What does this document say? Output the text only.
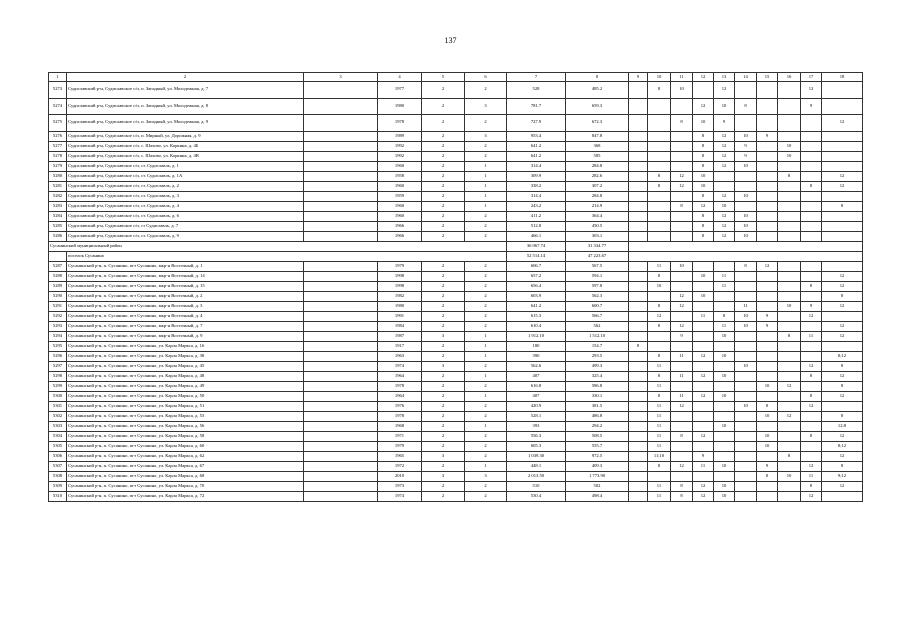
137
1	2	3	4	5	6	7	8	9	10	11	12	13	14	15	16	17	18
5273	Судиславский р-н, Судиславское с/п, п. Западный, ул. Молодежная, д. 7		1977	2	2	528	485.2		8	10		12				12	
5274	Судиславский р-н, Судиславское с/п, п. Западный, ул. Молодежная, д. 8		1980	2	3	781.7	659.3				12	10	8			9	
5275	Судиславский р-н, Судиславское с/п, п. Западный, ул. Молодежная, д. 9		1978	2	2	727.9	672.3			8	10	9					12
5276	Судиславский р-н, Судиславское с/п, п. Мирный, ул. Дорожная, д. 9		1989	2	3	953.4	847.8				8	12	10	9			
5277	Судиславский р-н, Судиславское с/п, с. Шахово, ул. Коркина, д. 4Б		1992	2	2	641.2	368				8	12	9		10		
5278	Судиславский р-н, Судиславское с/п, с. Шахово, ул. Коркина, д. 4В		1992	2	2	641.2	585				8	12	9		10		
5279	Судиславский р-н, Судиславское с/п, ст. Судиславль, д. 1		1960	2	1	314.4	284.8				8	12	10				
5280	Судиславский р-н, Судиславское с/п, ст. Судиславль, д. 1А		1958	2	1	309.9	282.6		8	12	10				8		12
5281	Судиславский р-н, Судиславское с/п, ст. Судиславль, д. 2		1960	2	1	338.2	307.2		8	12	10					8	12
5282	Судиславский р-н, Судиславское с/п, ст. Судиславль, д. 3		1959	2	1	314.4	284.8				8	12	10				
5283	Судиславский р-н, Судиславское с/п, ст. Судиславль, д. 4		1960	2	1	243.2	214.9			8	12	10					8
5284	Судиславский р-н, Судиславское с/п, ст. Судиславль, д. 6		1960	2	2	411.2	364.4				8	12	10				
5285	Судиславский р-н, Судиславское с/п, ст Судиславль, д. 7		1966	2	2	512.8	450.5				8	12	10				
5286	Судиславский р-н, Судиславское с/п, ст. Судиславль, д. 9		1966	2	2	466.1	303.1				8	12	10				
Сусанинский муниципальный район						36 067.74	31 334.77										
	поселок Сусанино					52 514.14	47 223.67										
5287	Сусанинский р-н, п. Сусанино, пгт Сусанино, мкр-н Восточный, д. 1		1979	2	2	606.7	567.5		11	10			8	12			
5288	Сусанинский р-н, п. Сусанино, пгт Сусанино, мкр-н Восточный, д. 14		1998	2	2	657.2	594.1		8		10	11					12
5289	Сусанинский р-н, п. Сусанино, пгт Сусанино, мкр-н Восточный, д. 15		1998	2	2	656.4	597.8		10			11				8	12
5290	Сусанинский р-н, п. Сусанино, пгт Сусанино, мкр-н Восточный, д. 2		1982	2	2	603.9	562.3			12	10						8
5291	Сусанинский р-н, п. Сусанино, пгт Сусанино, мкр-н Восточный, д. 3		1980	2	2	641.2	600.7		8	12			11		10	9	12
5292	Сусанинский р-н, п. Сусанино, пгт Сусанино, мкр-н Восточный, д. 4		1991	2	2	615.3	566.7		12		11	8	10	9		12	
5293	Сусанинский р-н, п. Сусанино, пгт Сусанино, мкр-н Восточный, д. 7		1984	2	2	610.4	562		8	12		11	10	9			12
5294	Сусанинский р-н, п. Сусанино, пгт Сусанино, мкр-н Восточный, д. 9		1987	3	1	1 912.10	1 512.10			9		10			8	11	12
5295	Сусанинский р-н, п. Сусанино, пгт Сусанино, ул. Карла Маркса, д. 16		1917	2	1	180	154.7	8									
5296	Сусанинский р-н, п. Сусанино, пгт Сусанино, ул. Карла Маркса, д. 38		1963	2	1	390	293.5		8	11	12	10					8;12
5297	Сусанинский р-н, п. Сусанино, пгт Сусанино, ул. Карла Маркса, д. 45		1974	3	2	562.6	499.3		11				10			12	8
5298	Сусанинский р-н, п. Сусанино, пгт Сусанино, ул. Карла Маркса, д. 48		1964	2	1	407	325.4		8	11	12	10				8	12
5299	Сусанинский р-н, п. Сусанино, пгт Сусанино, ул. Карла Маркса, д. 49		1978	2	2	616.8	586.8		11					10	12		8
5300	Сусанинский р-н, п. Сусанино, пгт Сусанино, ул. Карла Маркса, д. 50		1964	2	1	407	330.1		8	11	12	10				8	12
5301	Сусанинский р-н, п. Сусанино, пгт Сусанино, ул. Карла Маркса, д. 51		1976	2	2	420.9	381.5		11	12			10	8		12	
5302	Сусанинский р-н, п. Сусанино, пгт Сусанино, ул. Карла Маркса, д. 53		1978	2	2	528.1	486.8		11					10	12		8
5303	Сусанинский р-н, п. Сусанино, пгт Сусанино, ул. Карла Маркса, д. 56		1968	2	1	393	294.2		11			10					12;8
5304	Сусанинский р-н, п. Сусанино, пгт Сусанино, ул. Карла Маркса, д. 58		1971	2	2	556.3	508.5		11	8	12			10		8	12
5305	Сусанинский р-н, п. Сусанино, пгт Сусанино, ул. Карла Маркса, д. 60		1979	2	2	605.3	555.7		11					10			8;12
5306	Сусанинский р-н, п. Сусанино, пгт Сусанино, ул. Карла Маркса, д. 62		1965	3	2	1 039.30	972.5		11;10		9				8		12
5307	Сусанинский р-н, п. Сусанино, пгт Сусанино, ул. Карла Маркса, д. 67		1972	2	1	448.1	409.3		8	12	11	10		9		12	8
5308	Сусанинский р-н, п. Сусанино, пгт Сусанино, ул. Карла Маркса, д. 68		2010	3	3	2 013.50	1 773.90							8	10	11	9;12
5309	Сусанинский р-н, п. Сусанино, пгт Сусанино, ул. Карла Маркса, д. 70		1973	2	2	510	502		11	8	12	10				8	12
5310	Сусанинский р-н, п. Сусанино, пгт Сусанино, ул. Карла Маркса, д. 72		1974	2	2	530.4	498.4		11	8	12	10				12	
